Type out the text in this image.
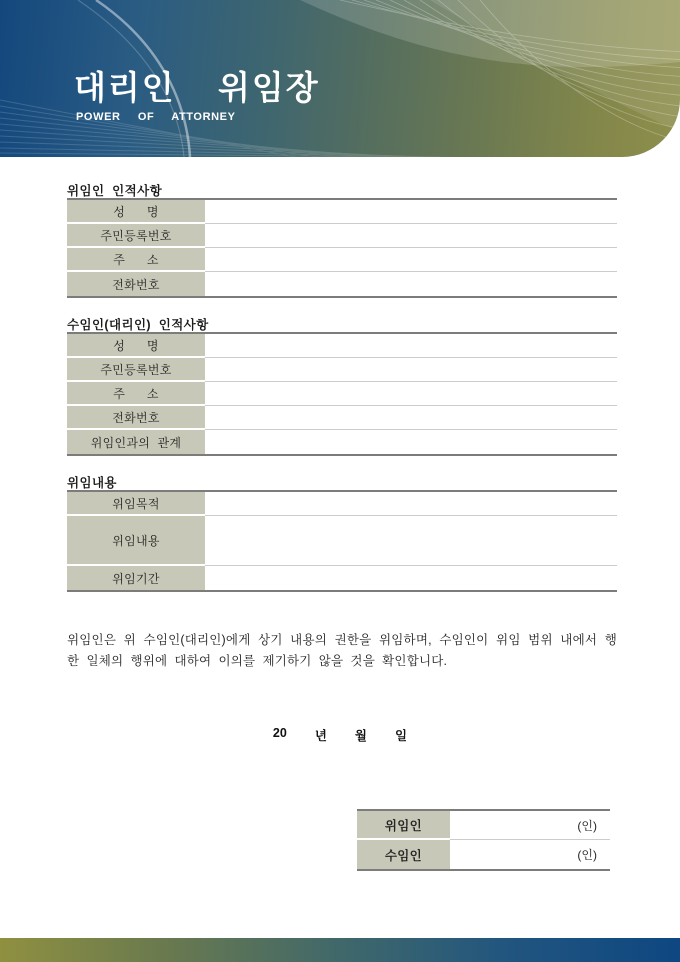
대리인  위임장
POWER  OF  ATTORNEY
위임인  인적사항
성      명
주민등록번호
주      소
전화번호
수임인(대리인)  인적사항
성      명
주민등록번호
주      소
전화번호
위임인과의  관계
위임내용
위임목적
위임내용
위임기간
위임인은 위 수임인(대리인)에게 상기 내용의 권한을 위임하며, 수임인이 위임 범위 내에서 행한 일체의 행위에 대하여 이의를 제기하기 않을 것을 확인합니다.
20 년 월 일
위임인	(인)
수임인	(인)
